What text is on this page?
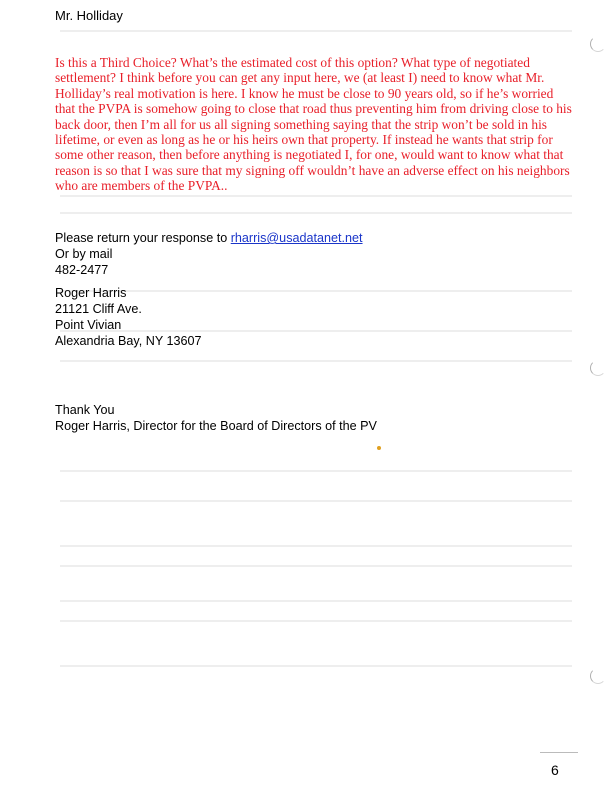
Mr. Holliday

Is this a Third Choice? What’s the estimated cost of this option? What type of negotiated settlement? I think before you can get any input here, we (at least I) need to know what Mr. Holliday’s real motivation is here. I know he must be close to 90 years old, so if he’s worried that the PVPA is somehow going to close that road thus preventing him from driving close to his back door, then I’m all for us all signing something saying that the strip won’t be sold in his lifetime, or even as long as he or his heirs own that property. If instead he wants that strip for some other reason, then before anything is negotiated I, for one, would want to know what that reason is so that I was sure that my signing off wouldn’t have an adverse effect on his neighbors who are members of the PVPA..

Please return your response to rharris@usadatanet.net
Or by mail
482-2477
Roger Harris
21121 Cliff Ave.
Point Vivian
Alexandria Bay, NY 13607
Thank You
Roger Harris, Director for the Board of Directors of the PV
6
